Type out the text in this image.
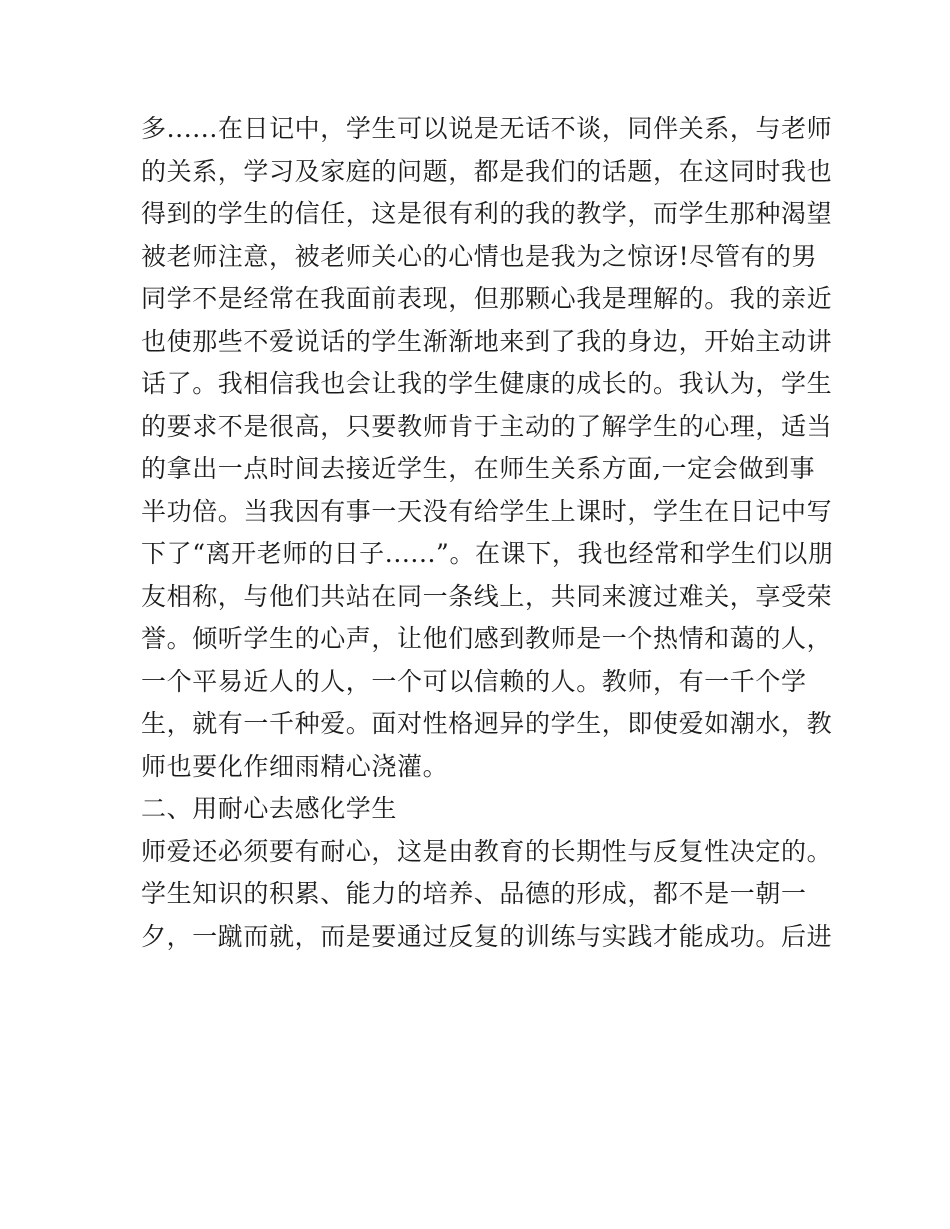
多......在日记中，学生可以说是无话不谈，同伴关系，与老师
的关系，学习及家庭的问题，都是我们的话题，在这同时我也
得到的学生的信任，这是很有利的我的教学，而学生那种渴望
被老师注意，被老师关心的心情也是我为之惊讶!尽管有的男
同学不是经常在我面前表现，但那颗心我是理解的。我的亲近
也使那些不爱说话的学生渐渐地来到了我的身边，开始主动讲
话了。我相信我也会让我的学生健康的成长的。我认为，学生
的要求不是很高，只要教师肯于主动的了解学生的心理，适当
的拿出一点时间去接近学生，在师生关系方面,一定会做到事
半功倍。当我因有事一天没有给学生上课时，学生在日记中写
下了“离开老师的日子......”。在课下，我也经常和学生们以朋
友相称，与他们共站在同一条线上，共同来渡过难关，享受荣
誉。倾听学生的心声，让他们感到教师是一个热情和蔼的人，
一个平易近人的人，一个可以信赖的人。教师，有一千个学
生，就有一千种爱。面对性格迥异的学生，即使爱如潮水，教
师也要化作细雨精心浇灌。
二、用耐心去感化学生
师爱还必须要有耐心，这是由教育的长期性与反复性决定的。
学生知识的积累、能力的培养、品德的形成，都不是一朝一
夕，一蹴而就，而是要通过反复的训练与实践才能成功。后进
